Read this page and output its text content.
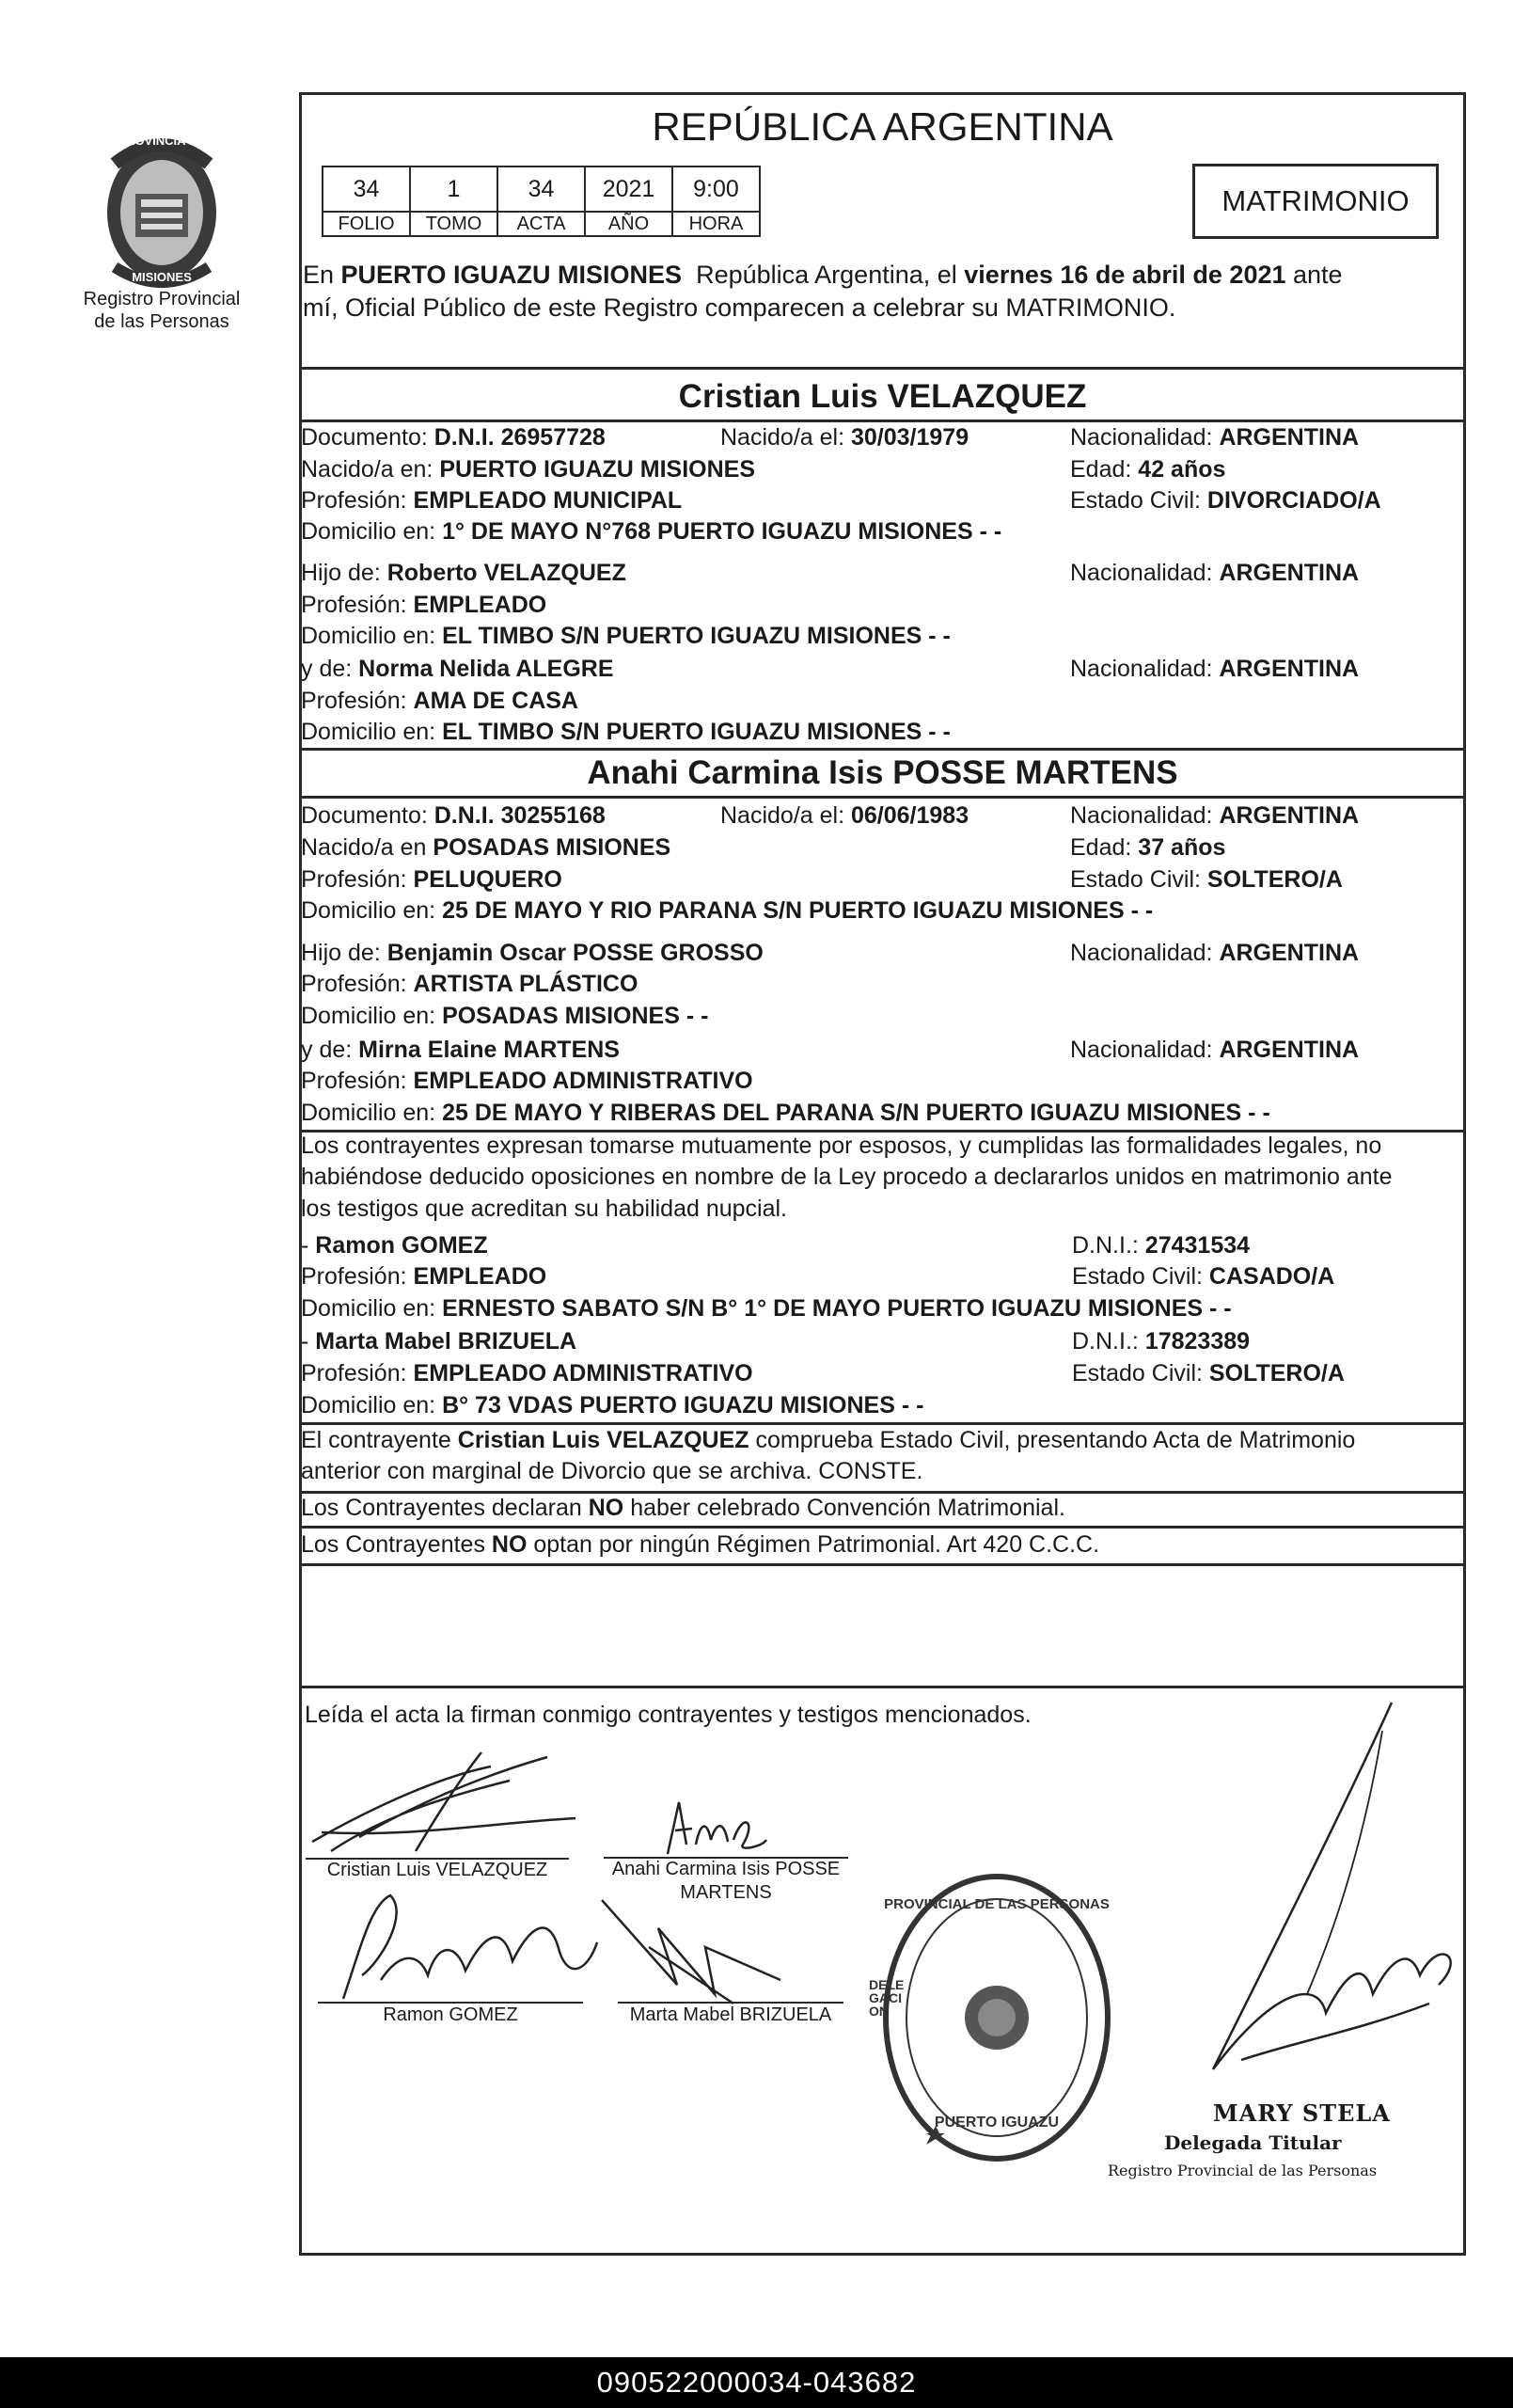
PROVINCIA DE
MISIONES
Registro Provincial
de las Personas
REPÚBLICA ARGENTINA
34	1	34	2021	9:00
FOLIO	TOMO	ACTA	AÑO	HORA
MATRIMONIO
En PUERTO IGUAZU MISIONES  República Argentina, el viernes 16 de abril de 2021 ante
mí, Oficial Público de este Registro comparecen a celebrar su MATRIMONIO.
Cristian Luis VELAZQUEZ
Documento: D.N.I. 26957728	Nacido/a el: 30/03/1979	Nacionalidad: ARGENTINA
Nacido/a en: PUERTO IGUAZU MISIONES	Edad: 42 años
Profesión: EMPLEADO MUNICIPAL	Estado Civil: DIVORCIADO/A
Domicilio en: 1° DE MAYO N°768 PUERTO IGUAZU MISIONES - -
Hijo de: Roberto VELAZQUEZ	Nacionalidad: ARGENTINA
Profesión: EMPLEADO
Domicilio en: EL TIMBO S/N PUERTO IGUAZU MISIONES - -
y de: Norma Nelida ALEGRE	Nacionalidad: ARGENTINA
Profesión: AMA DE CASA
Domicilio en: EL TIMBO S/N PUERTO IGUAZU MISIONES - -
Anahi Carmina Isis POSSE MARTENS
Documento: D.N.I. 30255168	Nacido/a el: 06/06/1983	Nacionalidad: ARGENTINA
Nacido/a en POSADAS MISIONES	Edad: 37 años
Profesión: PELUQUERO	Estado Civil: SOLTERO/A
Domicilio en: 25 DE MAYO Y RIO PARANA S/N PUERTO IGUAZU MISIONES - -
Hijo de: Benjamin Oscar POSSE GROSSO	Nacionalidad: ARGENTINA
Profesión: ARTISTA PLÁSTICO
Domicilio en: POSADAS MISIONES - -
y de: Mirna Elaine MARTENS	Nacionalidad: ARGENTINA
Profesión: EMPLEADO ADMINISTRATIVO
Domicilio en: 25 DE MAYO Y RIBERAS DEL PARANA S/N PUERTO IGUAZU MISIONES - -
Los contrayentes expresan tomarse mutuamente por esposos, y cumplidas las formalidades legales, no
habiéndose deducido oposiciones en nombre de la Ley procedo a declararlos unidos en matrimonio ante
los testigos que acreditan su habilidad nupcial.
- Ramon GOMEZ	D.N.I.: 27431534
Profesión: EMPLEADO	Estado Civil: CASADO/A
Domicilio en: ERNESTO SABATO S/N B° 1° DE MAYO PUERTO IGUAZU MISIONES - -
- Marta Mabel BRIZUELA	D.N.I.: 17823389
Profesión: EMPLEADO ADMINISTRATIVO	Estado Civil: SOLTERO/A
Domicilio en: B° 73 VDAS PUERTO IGUAZU MISIONES - -
El contrayente Cristian Luis VELAZQUEZ comprueba Estado Civil, presentando Acta de Matrimonio
anterior con marginal de Divorcio que se archiva. CONSTE.
Los Contrayentes declaran NO haber celebrado Convención Matrimonial.
Los Contrayentes NO optan por ningún Régimen Patrimonial. Art 420 C.C.C.
Leída el acta la firman conmigo contrayentes y testigos mencionados.
Cristian Luis VELAZQUEZ	Anahi Carmina Isis POSSE
MARTENS
Ramon GOMEZ	Marta Mabel BRIZUELA
PROVINCIAL DE LAS PERSONAS
DELEGACION
PUERTO IGUAZU	MARY STELA
Delegada Titular
Registro Provincial de las Personas
090522000034-043682
